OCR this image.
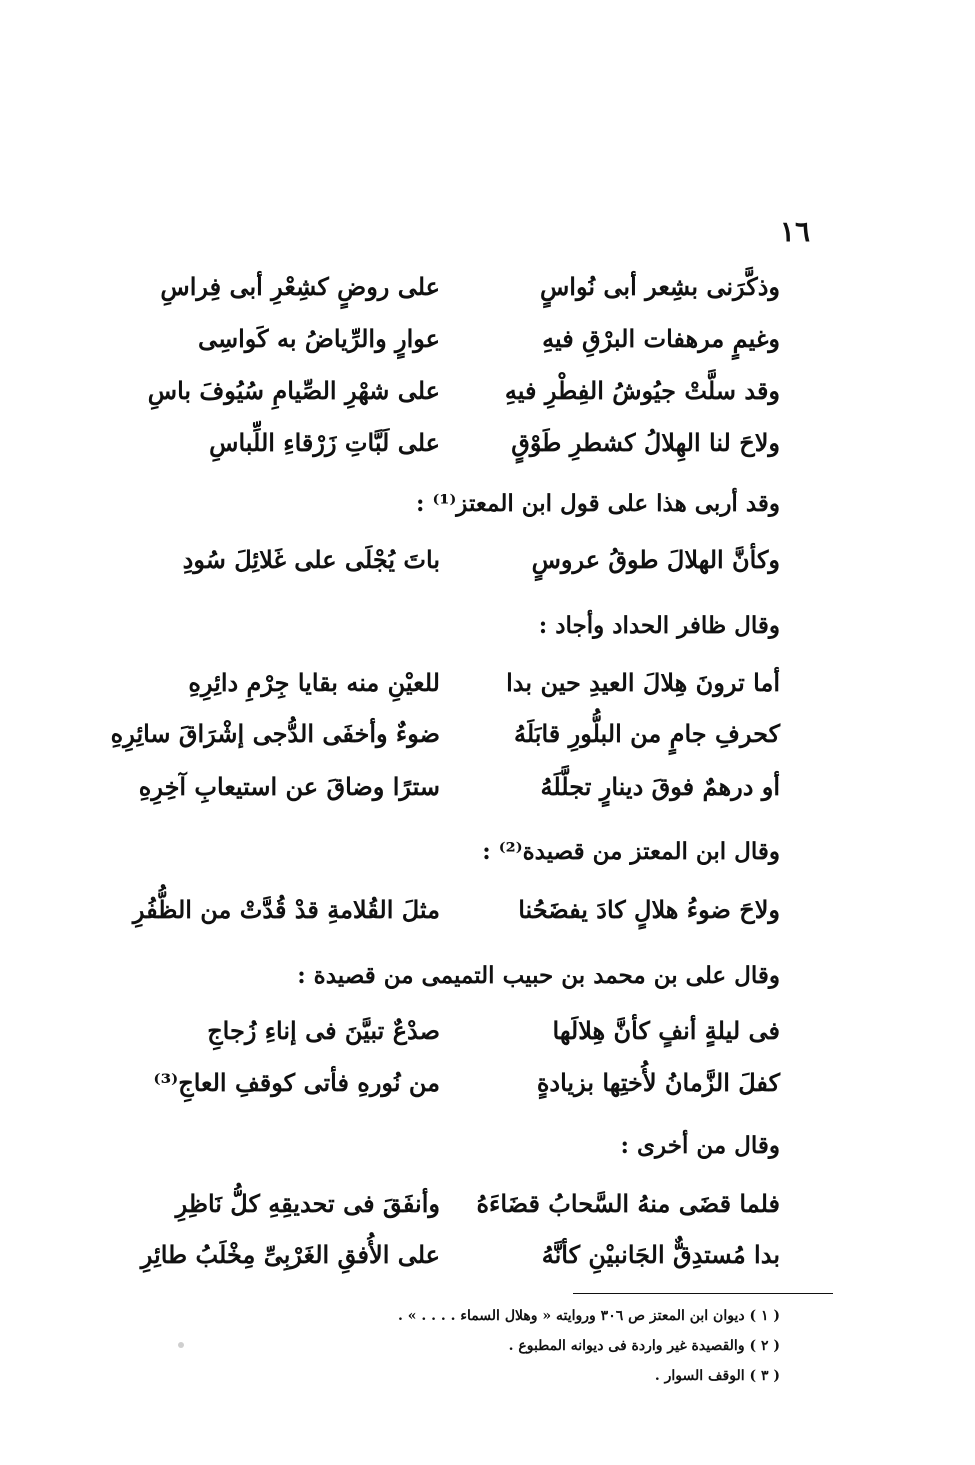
١٦
وذكَّرَنى بشِعر أبى نُواسٍ
على روضٍ كشِعْرِ أبى فِراسِ
وغيمٍ مرهفات البرْقِ فيهِ
عوارٍ والرِّياضُ به كَواسِى
وقد سلَّتْ جيُوشُ الفِطْرِ فيهِ
على شهْرِ الصِّيامِ سُيُوفَ باسِ
ولاحَ لنا الهِلالُ كشطرِ طَوْقٍ
على لَبَّاتِ زَرْقاءِ اللِّباسِ
وقد أربى هذا على قول ابن المعتز⁽¹⁾ :
وكأنَّ الهلالَ طوقُ عروسٍ
باتَ يُجْلَى على غَلائِلَ سُودِ
وقال ظافر الحداد وأجاد :
أما ترونَ هِلالَ العيدِ حين بدا
للعيْنِ منه بقايا جِرْمِ دائِرِهِ
كحرفِ جامٍ من البلُّورِ قابَلَهُ
ضوءٌ وأخفَى الدُّجى إشْرَاقَ سائِرِهِ
أو درهمٌ فوقَ دينارٍ تجلَّلَهُ
سترًا وضاقَ عن استيعابِ آخِرِهِ
وقال ابن المعتز من قصيدة⁽²⁾ :
ولاحَ ضوءُ هلالٍ كادَ يفضَحُنا
مثلَ القُلامةِ قدْ قُدَّتْ من الظُّفُرِ
وقال على بن محمد بن حبيب التميمى من قصيدة :
فى ليلةٍ أنفٍ كأنَّ هِلالَها
صدْعٌ تبيَّنَ فى إناءِ زُجاجِ
كفلَ الزَّمانُ لأُختِها بزيادةٍ
من نُورهِ فأتى كوقفِ العاجِ⁽³⁾
وقال من أخرى :
فلما قضَى منهُ السَّحابُ قضَاءَهُ
وأنفَقَ فى تحديقِهِ كلُّ نَاظِرِ
بدا مُستدِقٌّ الجَانبيْنِ كأنَّهُ
على الأُفقِ الغَرْبِىِّ مِخْلَبُ طائِرِ
( ١ ) ديوان ابن المعتز ص ٣٠٦ وروايته « وهلال السماء . . . . » .
( ٢ ) والقصيدة غير واردة فى ديوانه المطبوع .
( ٣ ) الوقف السوار .
